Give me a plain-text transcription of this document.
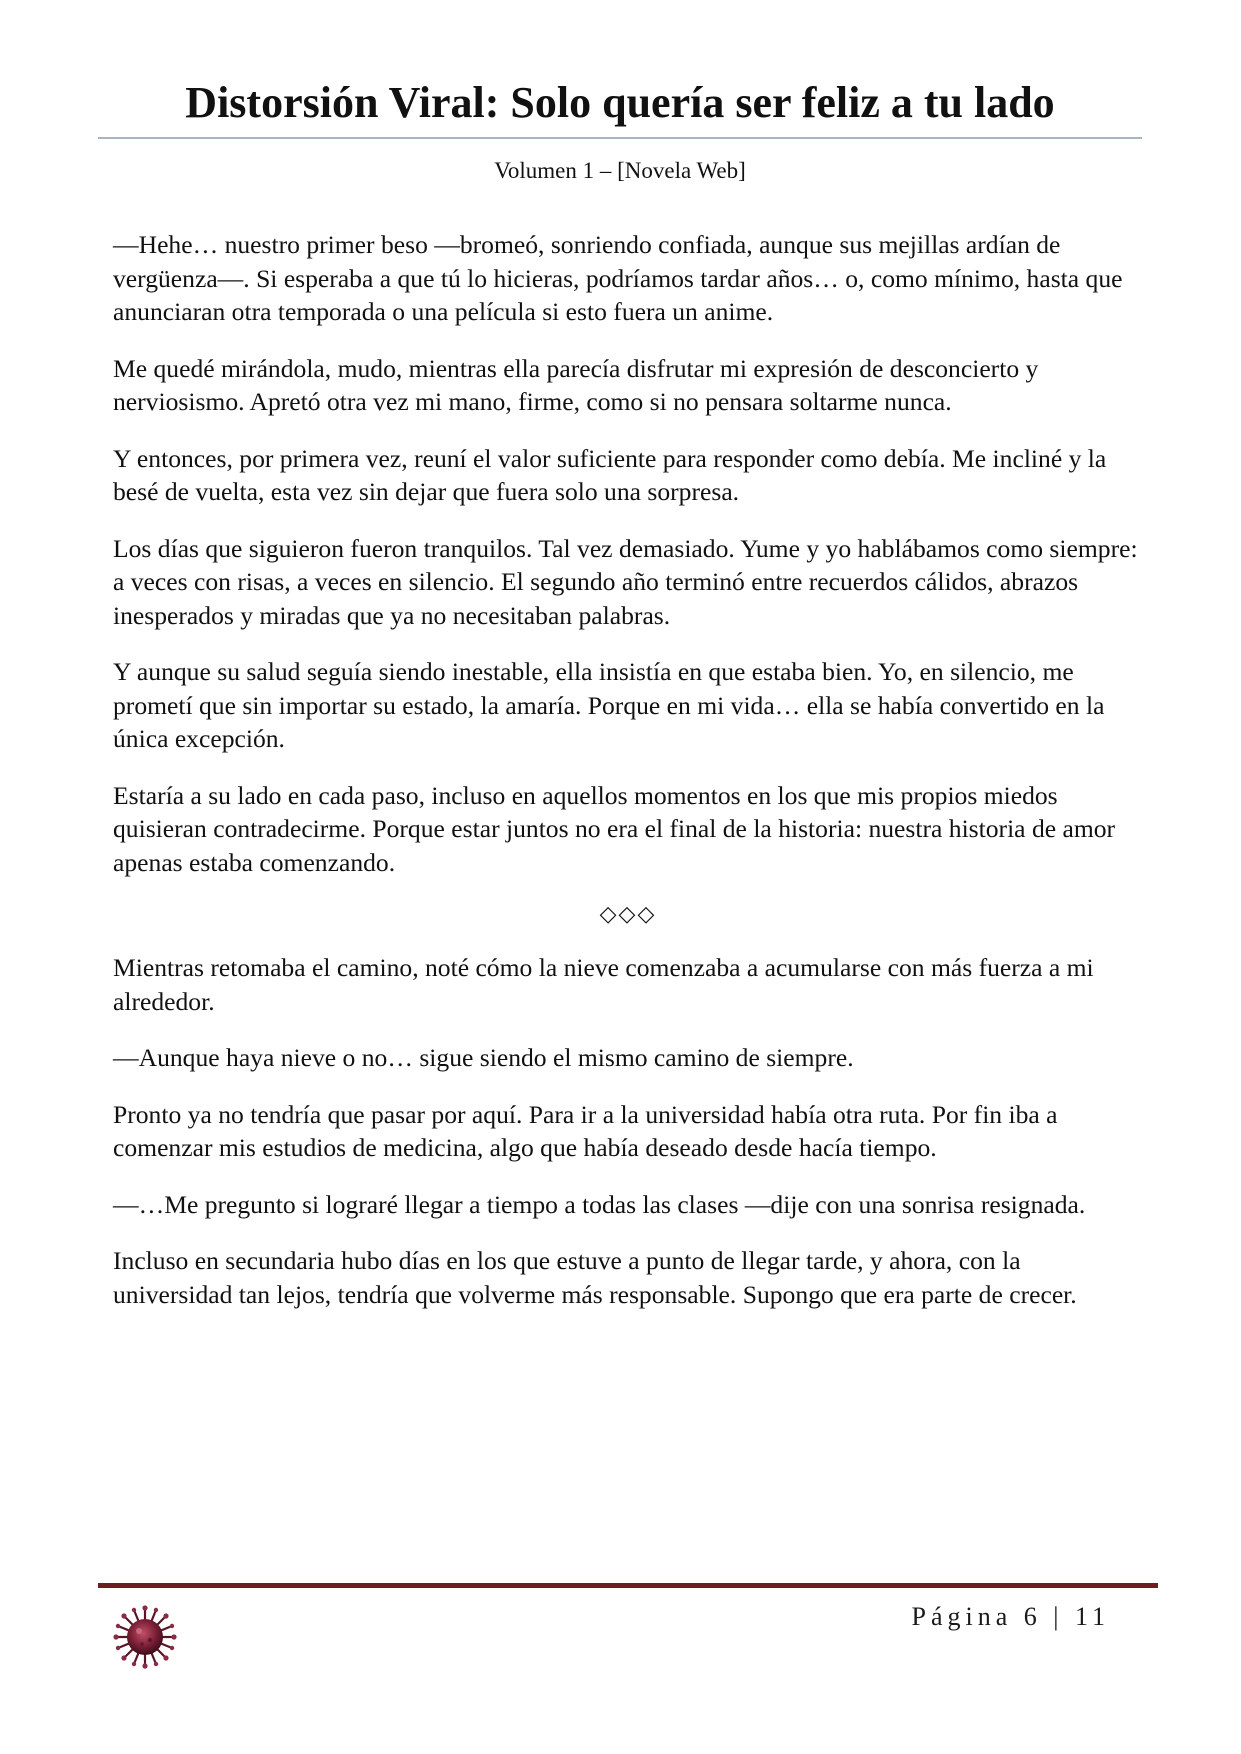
Distorsión Viral: Solo quería ser feliz a tu lado

Volumen 1 – [Novela Web]

—Hehe… nuestro primer beso —bromeó, sonriendo confiada, aunque sus mejillas ardían de vergüenza—. Si esperaba a que tú lo hicieras, podríamos tardar años… o, como mínimo, hasta que anunciaran otra temporada o una película si esto fuera un anime.

Me quedé mirándola, mudo, mientras ella parecía disfrutar mi expresión de desconcierto y nerviosismo. Apretó otra vez mi mano, firme, como si no pensara soltarme nunca.

Y entonces, por primera vez, reuní el valor suficiente para responder como debía. Me incliné y la besé de vuelta, esta vez sin dejar que fuera solo una sorpresa.

Los días que siguieron fueron tranquilos. Tal vez demasiado. Yume y yo hablábamos como siempre: a veces con risas, a veces en silencio. El segundo año terminó entre recuerdos cálidos, abrazos inesperados y miradas que ya no necesitaban palabras.

Y aunque su salud seguía siendo inestable, ella insistía en que estaba bien. Yo, en silencio, me prometí que sin importar su estado, la amaría. Porque en mi vida… ella se había convertido en la única excepción.

Estaría a su lado en cada paso, incluso en aquellos momentos en los que mis propios miedos quisieran contradecirme. Porque estar juntos no era el final de la historia: nuestra historia de amor apenas estaba comenzando.

◇◇◇

Mientras retomaba el camino, noté cómo la nieve comenzaba a acumularse con más fuerza a mi alrededor.

—Aunque haya nieve o no… sigue siendo el mismo camino de siempre.

Pronto ya no tendría que pasar por aquí. Para ir a la universidad había otra ruta. Por fin iba a comenzar mis estudios de medicina, algo que había deseado desde hacía tiempo.

—…Me pregunto si lograré llegar a tiempo a todas las clases —dije con una sonrisa resignada.

Incluso en secundaria hubo días en los que estuve a punto de llegar tarde, y ahora, con la universidad tan lejos, tendría que volverme más responsable. Supongo que era parte de crecer.

Página 6 | 11
